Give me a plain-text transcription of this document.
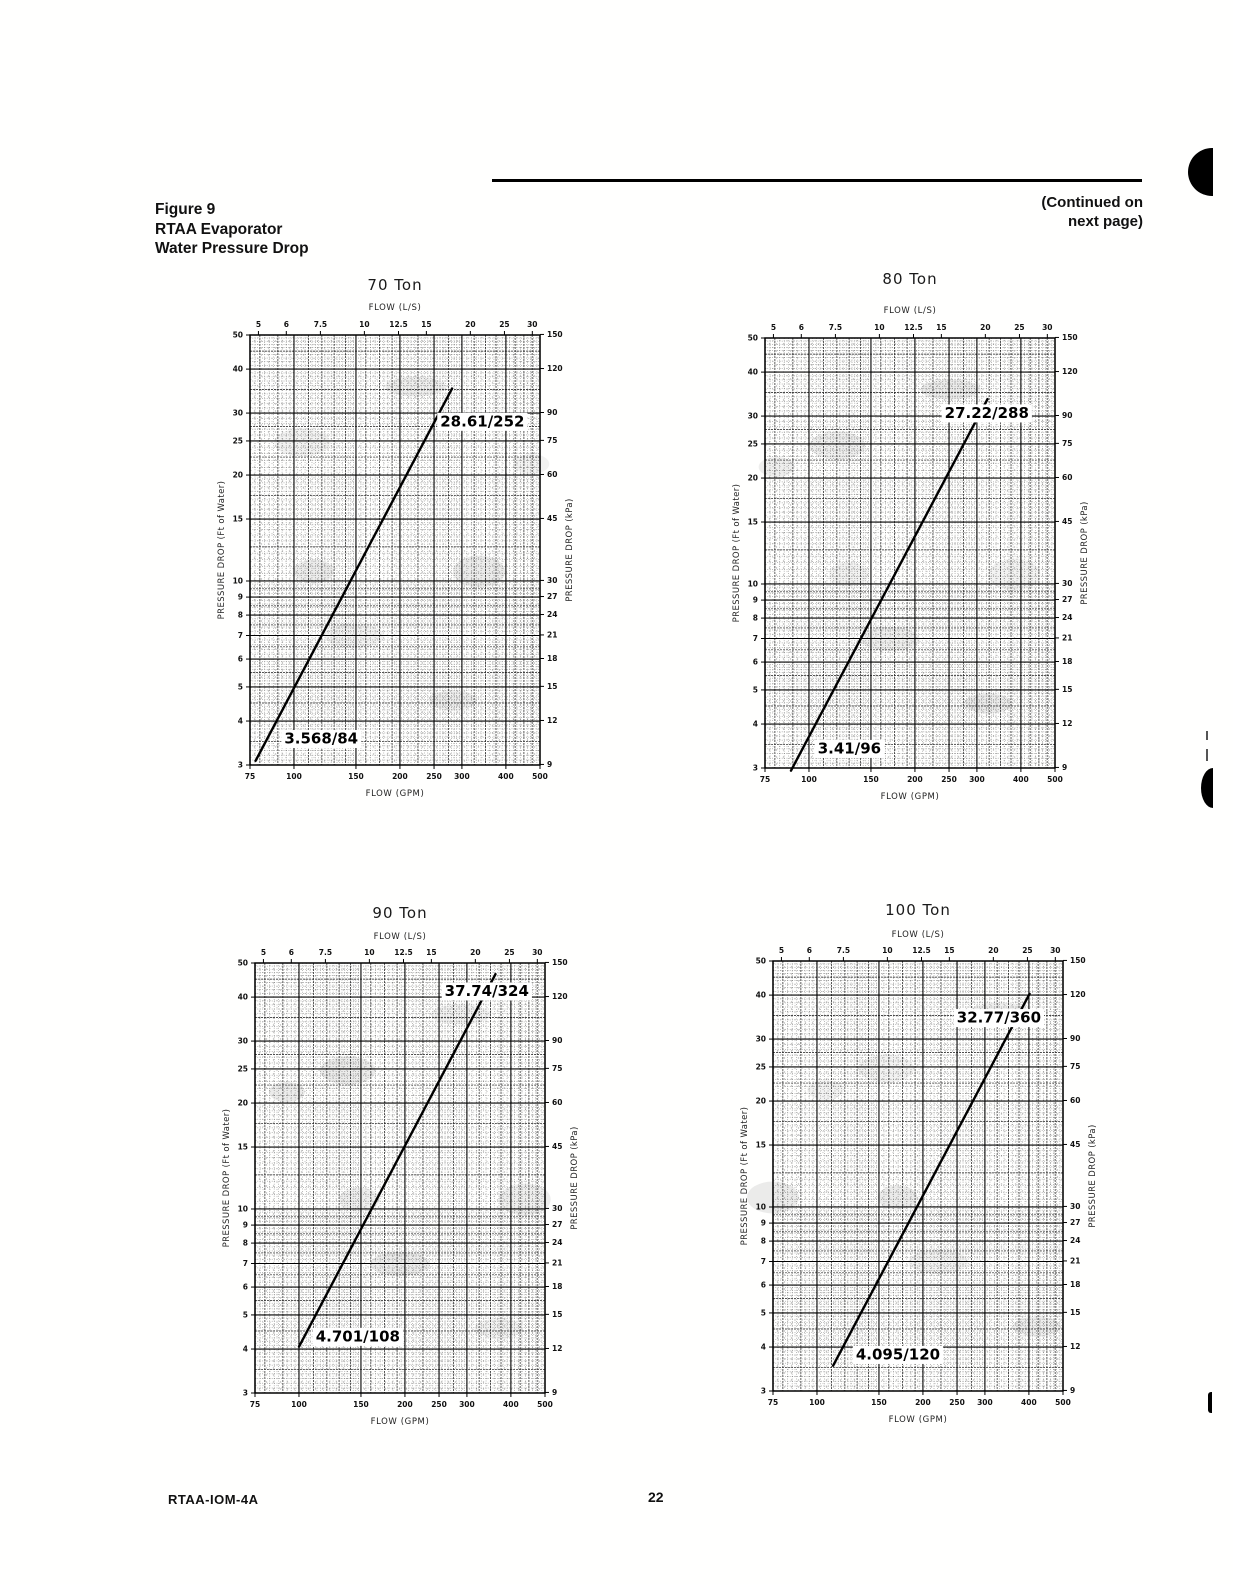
Figure 9
RTAA Evaporator
Water Pressure Drop
(Continued on
next page)
70 Ton
FLOW (L/S)
PRESSURE DROP (Ft of Water)	PRESSURE DROP (kPa)
FLOW (GPM)
75	100	150	200 250 300	400 500
5	6	7.5	10	12.5 15	20	25 30
50
40
30
25
20
15
10
9
8
7
6
5
4
3
150
120
90
75
60
45
30
27
24
21
18
15
12
9
28.61/252
3.568/84
80 Ton
FLOW (L/S)
PRESSURE DROP (Ft of Water)	PRESSURE DROP (kPa)
FLOW (GPM)
75	100	150	200 250 300	400 500
5	6	7.5	10	12.5 15	20	25 30
50
40
30
25
20
15
10
9
8
7
6
5
4
3
150
120
90
75
60
45
30
27
24
21
18
15
12
9
27.22/288
3.41/96
90 Ton
FLOW (L/S)
PRESSURE DROP (Ft of Water)	PRESSURE DROP (kPa)
FLOW (GPM)
75	100	150	200 250 300	400 500
5	6	7.5	10	12.5 15	20	25 30
50
40
30
25
20
15
10
9
8
7
6
5
4
3
150
120
90
75
60
45
30
27
24
21
18
15
12
9
37.74/324
4.701/108
100 Ton
FLOW (L/S)
PRESSURE DROP (Ft of Water)	PRESSURE DROP (kPa)
FLOW (GPM)
75	100	150	200 250 300	400 500
5	6	7.5	10	12.5 15	20	25 30
50
40
30
25
20
15
10
9
8
7
6
5
4
3
150
120
90
75
60
45
30
27
24
21
18
15
12
9
32.77/360
4.095/120
RTAA-IOM-4A	22
